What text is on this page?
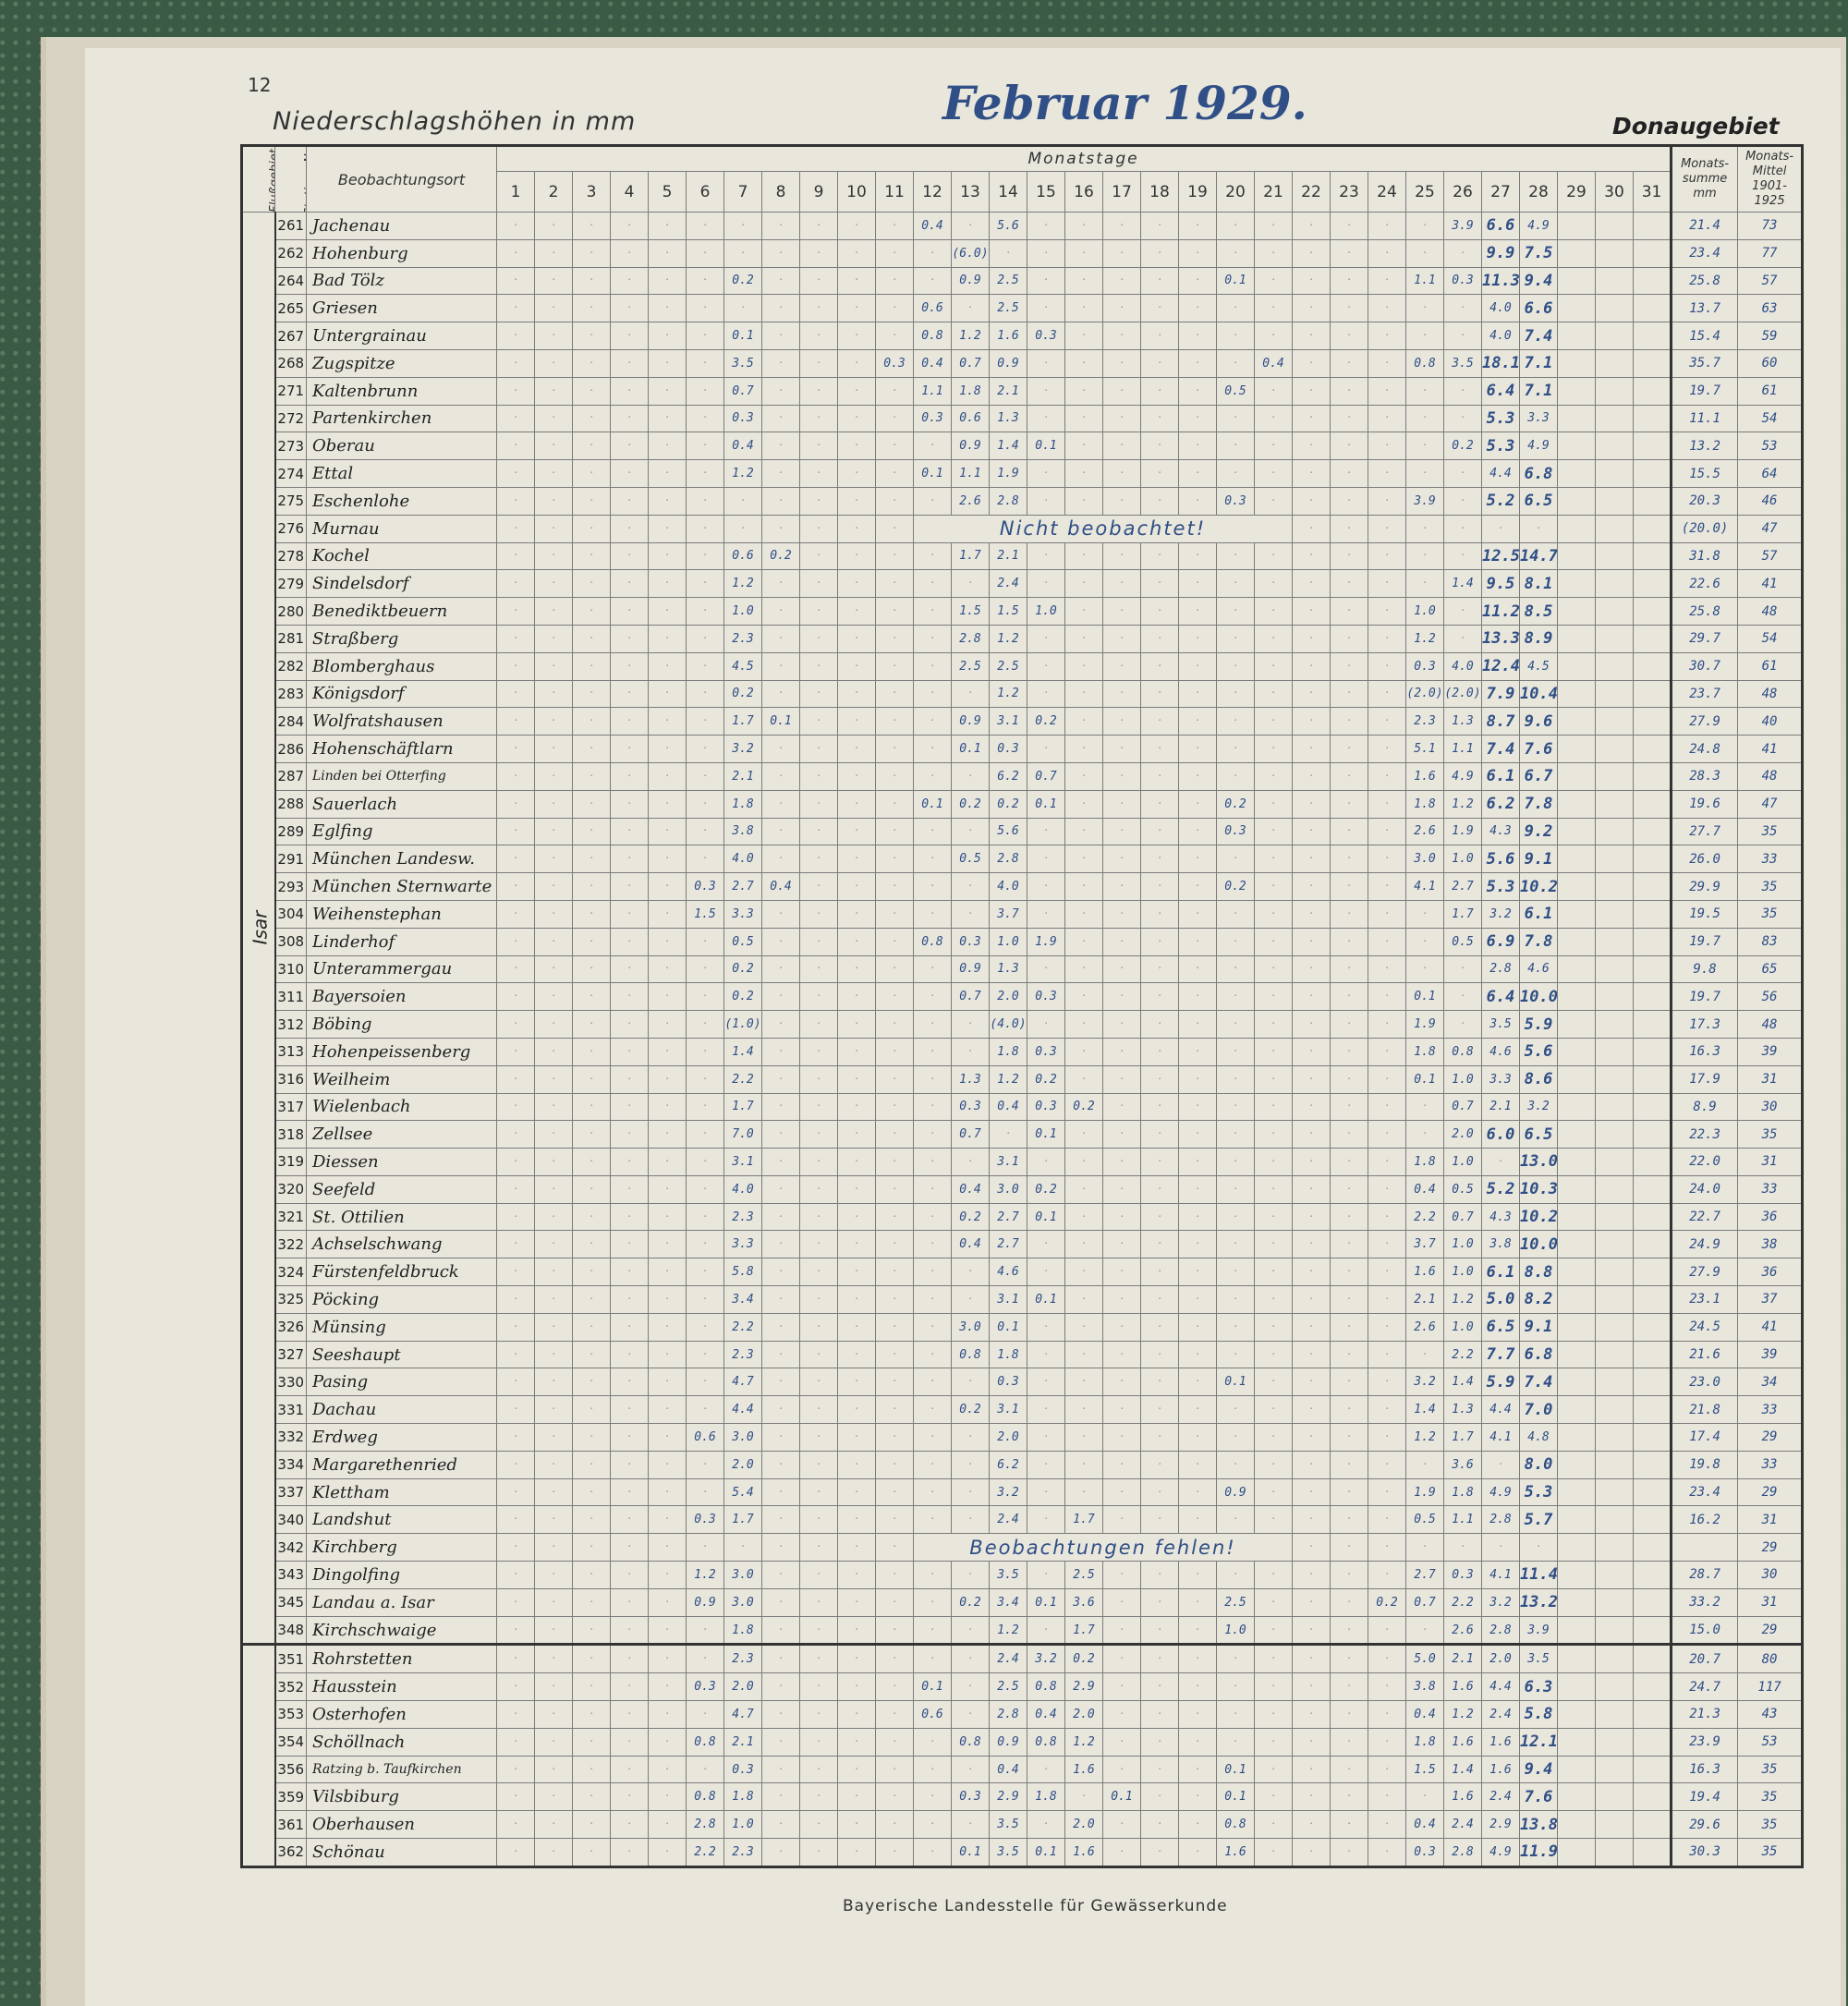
12
Niederschlagshöhen in mm	Februar 1929.	Donaugebiet
Flußgebiet	Stations Nr.	Beobachtungsort	Monatstage	Monats-summe mm	Monats-Mittel 1901-1925
1	2	3	4	5	6	7	8	9	10	11	12	13	14	15	16	17	18	19	20	21	22	23	24	25	26	27	28	29	30	31
Isar	261	Jachenau	·	·	·	·	·	·	·	·	·	·	·	0.4	·	5.6	·	·	·	·	·	·	·	·	·	·	·	3.9	6.6	4.9				21.4	73
262	Hohenburg	·	·	·	·	·	·	·	·	·	·	·	·	(6.0)	·	·	·	·	·	·	·	·	·	·	·	·	·	9.9	7.5				23.4	77
264	Bad Tölz	·	·	·	·	·	·	0.2	·	·	·	·	·	0.9	2.5	·	·	·	·	·	0.1	·	·	·	·	1.1	0.3	11.3	9.4				25.8	57
265	Griesen	·	·	·	·	·	·	·	·	·	·	·	0.6	·	2.5	·	·	·	·	·	·	·	·	·	·	·	·	4.0	6.6				13.7	63
267	Untergrainau	·	·	·	·	·	·	0.1	·	·	·	·	0.8	1.2	1.6	0.3	·	·	·	·	·	·	·	·	·	·	·	4.0	7.4				15.4	59
268	Zugspitze	·	·	·	·	·	·	3.5	·	·	·	0.3	0.4	0.7	0.9	·	·	·	·	·	·	0.4	·	·	·	0.8	3.5	18.1	7.1				35.7	60
271	Kaltenbrunn	·	·	·	·	·	·	0.7	·	·	·	·	1.1	1.8	2.1	·	·	·	·	·	0.5	·	·	·	·	·	·	6.4	7.1				19.7	61
272	Partenkirchen	·	·	·	·	·	·	0.3	·	·	·	·	0.3	0.6	1.3	·	·	·	·	·	·	·	·	·	·	·	·	5.3	3.3				11.1	54
273	Oberau	·	·	·	·	·	·	0.4	·	·	·	·	·	0.9	1.4	0.1	·	·	·	·	·	·	·	·	·	·	0.2	5.3	4.9				13.2	53
274	Ettal	·	·	·	·	·	·	1.2	·	·	·	·	0.1	1.1	1.9	·	·	·	·	·	·	·	·	·	·	·	·	4.4	6.8				15.5	64
275	Eschenlohe	·	·	·	·	·	·	·	·	·	·	·	·	2.6	2.8	·	·	·	·	·	0.3	·	·	·	·	3.9	·	5.2	6.5				20.3	46
276	Murnau	·	·	·	·	·	·	·	·	·	·	·	Nicht beobachtet!	·	·	·	·	·	·	·				(20.0)	47
278	Kochel	·	·	·	·	·	·	0.6	0.2	·	·	·	·	1.7	2.1	·	·	·	·	·	·	·	·	·	·	·	·	12.5	14.7				31.8	57
279	Sindelsdorf	·	·	·	·	·	·	1.2	·	·	·	·	·	·	2.4	·	·	·	·	·	·	·	·	·	·	·	1.4	9.5	8.1				22.6	41
280	Benediktbeuern	·	·	·	·	·	·	1.0	·	·	·	·	·	1.5	1.5	1.0	·	·	·	·	·	·	·	·	·	1.0	·	11.2	8.5				25.8	48
281	Straßberg	·	·	·	·	·	·	2.3	·	·	·	·	·	2.8	1.2	·	·	·	·	·	·	·	·	·	·	1.2	·	13.3	8.9				29.7	54
282	Blomberghaus	·	·	·	·	·	·	4.5	·	·	·	·	·	2.5	2.5	·	·	·	·	·	·	·	·	·	·	0.3	4.0	12.4	4.5				30.7	61
283	Königsdorf	·	·	·	·	·	·	0.2	·	·	·	·	·	·	1.2	·	·	·	·	·	·	·	·	·	·	(2.0)	(2.0)	7.9	10.4				23.7	48
284	Wolfratshausen	·	·	·	·	·	·	1.7	0.1	·	·	·	·	0.9	3.1	0.2	·	·	·	·	·	·	·	·	·	2.3	1.3	8.7	9.6				27.9	40
286	Hohenschäftlarn	·	·	·	·	·	·	3.2	·	·	·	·	·	0.1	0.3	·	·	·	·	·	·	·	·	·	·	5.1	1.1	7.4	7.6				24.8	41
287	Linden bei Otterfing	·	·	·	·	·	·	2.1	·	·	·	·	·	·	6.2	0.7	·	·	·	·	·	·	·	·	·	1.6	4.9	6.1	6.7				28.3	48
288	Sauerlach	·	·	·	·	·	·	1.8	·	·	·	·	0.1	0.2	0.2	0.1	·	·	·	·	0.2	·	·	·	·	1.8	1.2	6.2	7.8				19.6	47
289	Eglfing	·	·	·	·	·	·	3.8	·	·	·	·	·	·	5.6	·	·	·	·	·	0.3	·	·	·	·	2.6	1.9	4.3	9.2				27.7	35
291	München Landesw.	·	·	·	·	·	·	4.0	·	·	·	·	·	0.5	2.8	·	·	·	·	·	·	·	·	·	·	3.0	1.0	5.6	9.1				26.0	33
293	München Sternwarte	·	·	·	·	·	0.3	2.7	0.4	·	·	·	·	·	4.0	·	·	·	·	·	0.2	·	·	·	·	4.1	2.7	5.3	10.2				29.9	35
304	Weihenstephan	·	·	·	·	·	1.5	3.3	·	·	·	·	·	·	3.7	·	·	·	·	·	·	·	·	·	·	·	1.7	3.2	6.1				19.5	35
308	Linderhof	·	·	·	·	·	·	0.5	·	·	·	·	0.8	0.3	1.0	1.9	·	·	·	·	·	·	·	·	·	·	0.5	6.9	7.8				19.7	83
310	Unterammergau	·	·	·	·	·	·	0.2	·	·	·	·	·	0.9	1.3	·	·	·	·	·	·	·	·	·	·	·	·	2.8	4.6				9.8	65
311	Bayersoien	·	·	·	·	·	·	0.2	·	·	·	·	·	0.7	2.0	0.3	·	·	·	·	·	·	·	·	·	0.1	·	6.4	10.0				19.7	56
312	Böbing	·	·	·	·	·	·	(1.0)	·	·	·	·	·	·	(4.0)	·	·	·	·	·	·	·	·	·	·	1.9	·	3.5	5.9				17.3	48
313	Hohenpeissenberg	·	·	·	·	·	·	1.4	·	·	·	·	·	·	1.8	0.3	·	·	·	·	·	·	·	·	·	1.8	0.8	4.6	5.6				16.3	39
316	Weilheim	·	·	·	·	·	·	2.2	·	·	·	·	·	1.3	1.2	0.2	·	·	·	·	·	·	·	·	·	0.1	1.0	3.3	8.6				17.9	31
317	Wielenbach	·	·	·	·	·	·	1.7	·	·	·	·	·	0.3	0.4	0.3	0.2	·	·	·	·	·	·	·	·	·	0.7	2.1	3.2				8.9	30
318	Zellsee	·	·	·	·	·	·	7.0	·	·	·	·	·	0.7	·	0.1	·	·	·	·	·	·	·	·	·	·	2.0	6.0	6.5				22.3	35
319	Diessen	·	·	·	·	·	·	3.1	·	·	·	·	·	·	3.1	·	·	·	·	·	·	·	·	·	·	1.8	1.0	·	13.0				22.0	31
320	Seefeld	·	·	·	·	·	·	4.0	·	·	·	·	·	0.4	3.0	0.2	·	·	·	·	·	·	·	·	·	0.4	0.5	5.2	10.3				24.0	33
321	St. Ottilien	·	·	·	·	·	·	2.3	·	·	·	·	·	0.2	2.7	0.1	·	·	·	·	·	·	·	·	·	2.2	0.7	4.3	10.2				22.7	36
322	Achselschwang	·	·	·	·	·	·	3.3	·	·	·	·	·	0.4	2.7	·	·	·	·	·	·	·	·	·	·	3.7	1.0	3.8	10.0				24.9	38
324	Fürstenfeldbruck	·	·	·	·	·	·	5.8	·	·	·	·	·	·	4.6	·	·	·	·	·	·	·	·	·	·	1.6	1.0	6.1	8.8				27.9	36
325	Pöcking	·	·	·	·	·	·	3.4	·	·	·	·	·	·	3.1	0.1	·	·	·	·	·	·	·	·	·	2.1	1.2	5.0	8.2				23.1	37
326	Münsing	·	·	·	·	·	·	2.2	·	·	·	·	·	3.0	0.1	·	·	·	·	·	·	·	·	·	·	2.6	1.0	6.5	9.1				24.5	41
327	Seeshaupt	·	·	·	·	·	·	2.3	·	·	·	·	·	0.8	1.8	·	·	·	·	·	·	·	·	·	·	·	2.2	7.7	6.8				21.6	39
330	Pasing	·	·	·	·	·	·	4.7	·	·	·	·	·	·	0.3	·	·	·	·	·	0.1	·	·	·	·	3.2	1.4	5.9	7.4				23.0	34
331	Dachau	·	·	·	·	·	·	4.4	·	·	·	·	·	0.2	3.1	·	·	·	·	·	·	·	·	·	·	1.4	1.3	4.4	7.0				21.8	33
332	Erdweg	·	·	·	·	·	0.6	3.0	·	·	·	·	·	·	2.0	·	·	·	·	·	·	·	·	·	·	1.2	1.7	4.1	4.8				17.4	29
334	Margarethenried	·	·	·	·	·	·	2.0	·	·	·	·	·	·	6.2	·	·	·	·	·	·	·	·	·	·	·	3.6	·	8.0				19.8	33
337	Klettham	·	·	·	·	·	·	5.4	·	·	·	·	·	·	3.2	·	·	·	·	·	0.9	·	·	·	·	1.9	1.8	4.9	5.3				23.4	29
340	Landshut	·	·	·	·	·	0.3	1.7	·	·	·	·	·	·	2.4	·	1.7	·	·	·	·	·	·	·	·	0.5	1.1	2.8	5.7				16.2	31
342	Kirchberg	·	·	·	·	·	·	·	·	·	·	·	Beobachtungen fehlen!	·	·	·	·	·	·	·					29
343	Dingolfing	·	·	·	·	·	1.2	3.0	·	·	·	·	·	·	3.5	·	2.5	·	·	·	·	·	·	·	·	2.7	0.3	4.1	11.4				28.7	30
345	Landau a. Isar	·	·	·	·	·	0.9	3.0	·	·	·	·	·	0.2	3.4	0.1	3.6	·	·	·	2.5	·	·	·	0.2	0.7	2.2	3.2	13.2				33.2	31
348	Kirchschwaige	·	·	·	·	·	·	1.8	·	·	·	·	·	·	1.2	·	1.7	·	·	·	1.0	·	·	·	·	·	2.6	2.8	3.9				15.0	29
	351	Rohrstetten	·	·	·	·	·	·	2.3	·	·	·	·	·	·	2.4	3.2	0.2	·	·	·	·	·	·	·	·	5.0	2.1	2.0	3.5				20.7	80
352	Hausstein	·	·	·	·	·	0.3	2.0	·	·	·	·	0.1	·	2.5	0.8	2.9	·	·	·	·	·	·	·	·	3.8	1.6	4.4	6.3				24.7	117
353	Osterhofen	·	·	·	·	·	·	4.7	·	·	·	·	0.6	·	2.8	0.4	2.0	·	·	·	·	·	·	·	·	0.4	1.2	2.4	5.8				21.3	43
354	Schöllnach	·	·	·	·	·	0.8	2.1	·	·	·	·	·	0.8	0.9	0.8	1.2	·	·	·	·	·	·	·	·	1.8	1.6	1.6	12.1				23.9	53
356	Ratzing b. Taufkirchen	·	·	·	·	·	·	0.3	·	·	·	·	·	·	0.4	·	1.6	·	·	·	0.1	·	·	·	·	1.5	1.4	1.6	9.4				16.3	35
359	Vilsbiburg	·	·	·	·	·	0.8	1.8	·	·	·	·	·	0.3	2.9	1.8	·	0.1	·	·	0.1	·	·	·	·	·	1.6	2.4	7.6				19.4	35
361	Oberhausen	·	·	·	·	·	2.8	1.0	·	·	·	·	·	·	3.5	·	2.0	·	·	·	0.8	·	·	·	·	0.4	2.4	2.9	13.8				29.6	35
362	Schönau	·	·	·	·	·	2.2	2.3	·	·	·	·	·	0.1	3.5	0.1	1.6	·	·	·	1.6	·	·	·	·	0.3	2.8	4.9	11.9				30.3	35
Bayerische Landesstelle für Gewässerkunde
